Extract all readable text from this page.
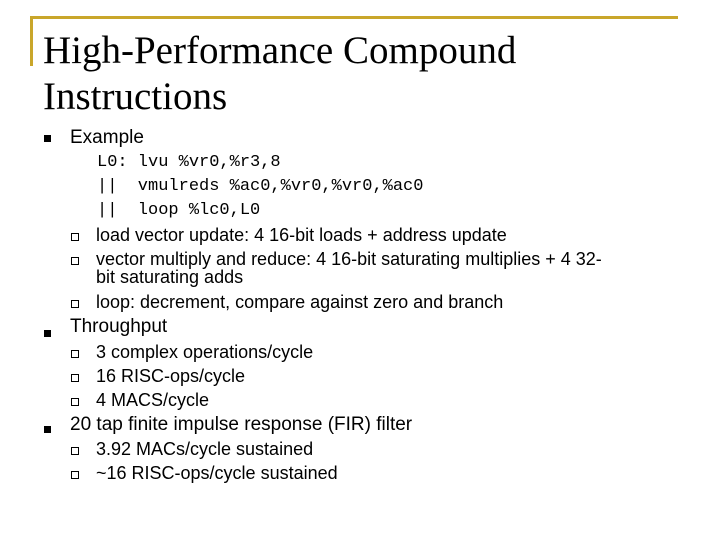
High-Performance Compound
Instructions
Example
L0: lvu %vr0,%r3,8
||  vmulreds %ac0,%vr0,%vr0,%ac0
||  loop %lc0,L0
load vector update: 4 16-bit loads + address update
vector multiply and reduce: 4 16-bit saturating multiplies + 4 32-
bit saturating adds
loop: decrement, compare against zero and branch
Throughput
3 complex operations/cycle
16 RISC-ops/cycle
4 MACS/cycle
20 tap finite impulse response (FIR) filter
3.92 MACs/cycle sustained
~16 RISC-ops/cycle sustained
